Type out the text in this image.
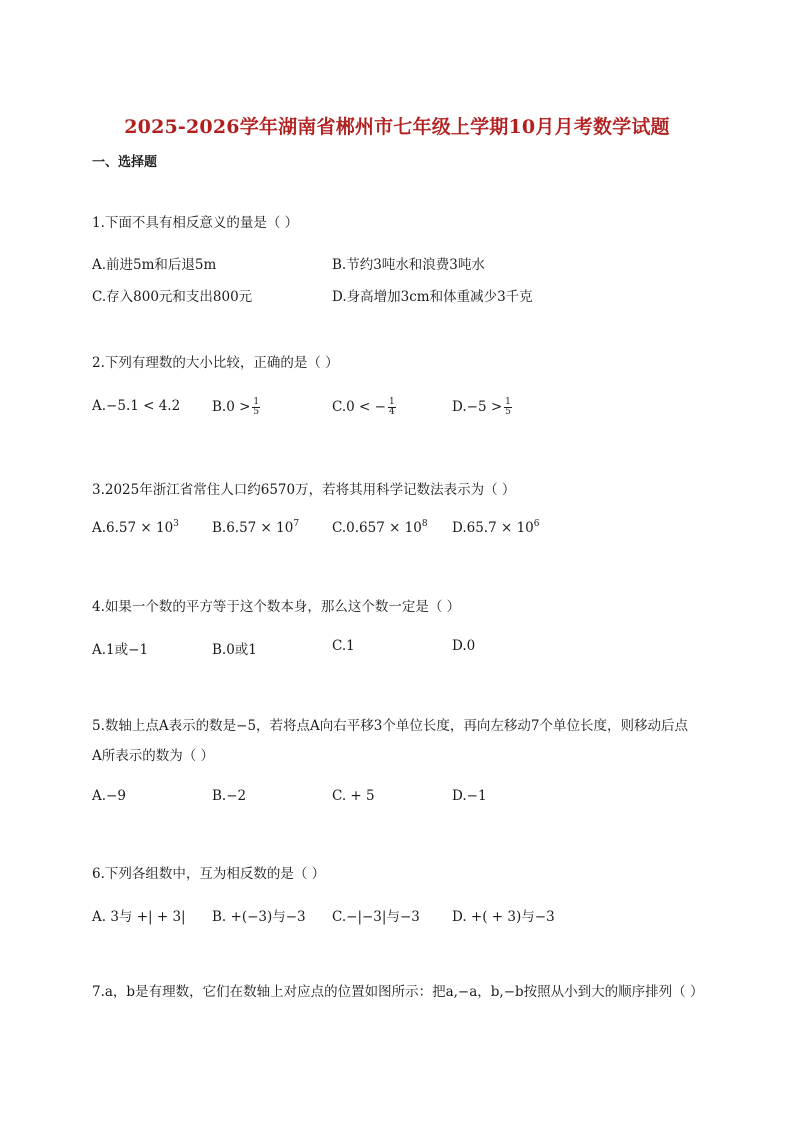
2025-2026学年湖南省郴州市七年级上学期10月月考数学试题
一、选择题
1.下面不具有相反意义的量是（ ）
A.前进5m和后退5m	B.节约3吨水和浪费3吨水
C.存入800元和支出800元	D.身高增加3cm和体重减少3千克
2.下列有理数的大小比较，正确的是（ ）
A.−5.1 < 4.2 $B.0 > \frac{1}{5}$	C.0 < − $\frac{1}{4}$	$D.-5 > \frac{1}{5}$
3.2025年浙江省常住人口约6570万，若将其用科学记数法表示为（ ）
$A.6.57 \times 10^3$ $B.6.57 \times 10^7$ $C.0.657 \times 10^8$ $D.65.7 \times 10^6$
4.如果一个数的平方等于这个数本身，那么这个数一定是（ ）
A.1或−1	B.0或1	C.1	D.0
5.数轴上点A表示的数是−5，若将点A向右平移3个单位长度，再向左移动7个单位长度，则移动后点
A所表示的数为（ ）
A.−9	B.−2	C. + 5	D.−1
6.下列各组数中，互为相反数的是（ ）
A. 3与 +| + 3| B. +(−3)与−3 C.−|−3|与−3 D. +( + 3)与−3
7.a，b是有理数，它们在数轴上对应点的位置如图所示：把a,−a，b,−b按照从小到大的顺序排列（ ）
